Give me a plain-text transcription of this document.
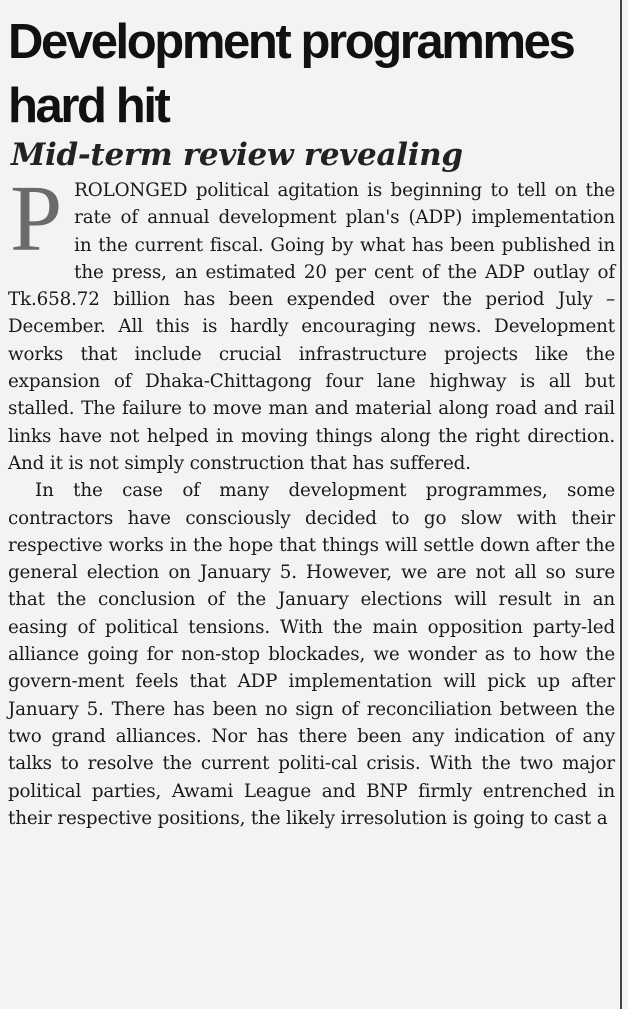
Development programmes hard hit
Mid-term review revealing

PROLONGED political agitation is beginning to tell on the rate of annual development plan's (ADP) implementation in the current fiscal. Going by what has been published in the press, an estimated 20 per cent of the ADP outlay of Tk.658.72 billion has been expended over the period July – December. All this is hardly encouraging news. Development works that include crucial infrastructure projects like the expansion of Dhaka-Chittagong four lane highway is all but stalled. The failure to move man and material along road and rail links have not helped in moving things along the right direction. And it is not simply construction that has suffered.

In the case of many development programmes, some contractors have consciously decided to go slow with their respective works in the hope that things will settle down after the general election on January 5. However, we are not all so sure that the conclusion of the January elections will result in an easing of political tensions. With the main opposition party-led alliance going for non-stop blockades, we wonder as to how the govern-ment feels that ADP implementation will pick up after January 5. There has been no sign of reconciliation between the two grand alliances. Nor has there been any indication of any talks to resolve the current politi-cal crisis. With the two major political parties, Awami League and BNP firmly entrenched in their respective positions, the likely irresolution is going to cast a
